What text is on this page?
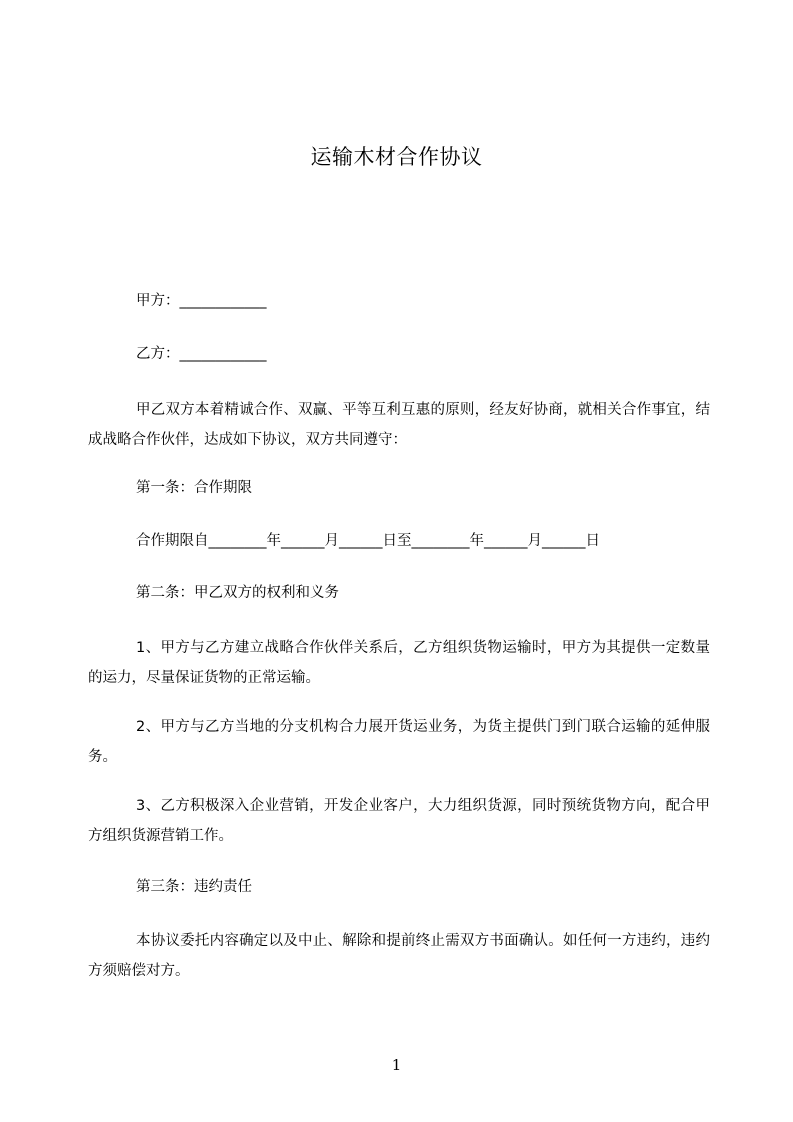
运输木材合作协议
甲方：____________
乙方：____________
甲乙双方本着精诚合作、双赢、平等互利互惠的原则，经友好协商，就相关合作事宜，结成战略合作伙伴，达成如下协议，双方共同遵守：
第一条：合作期限
合作期限自________年______月______日至________年______月______日
第二条：甲乙双方的权利和义务
1、甲方与乙方建立战略合作伙伴关系后，乙方组织货物运输时，甲方为其提供一定数量的运力，尽量保证货物的正常运输。
2、甲方与乙方当地的分支机构合力展开货运业务，为货主提供门到门联合运输的延伸服务。
3、乙方积极深入企业营销，开发企业客户，大力组织货源，同时预统货物方向，配合甲方组织货源营销工作。
第三条：违约责任
本协议委托内容确定以及中止、解除和提前终止需双方书面确认。如任何一方违约，违约方须赔偿对方。
1
